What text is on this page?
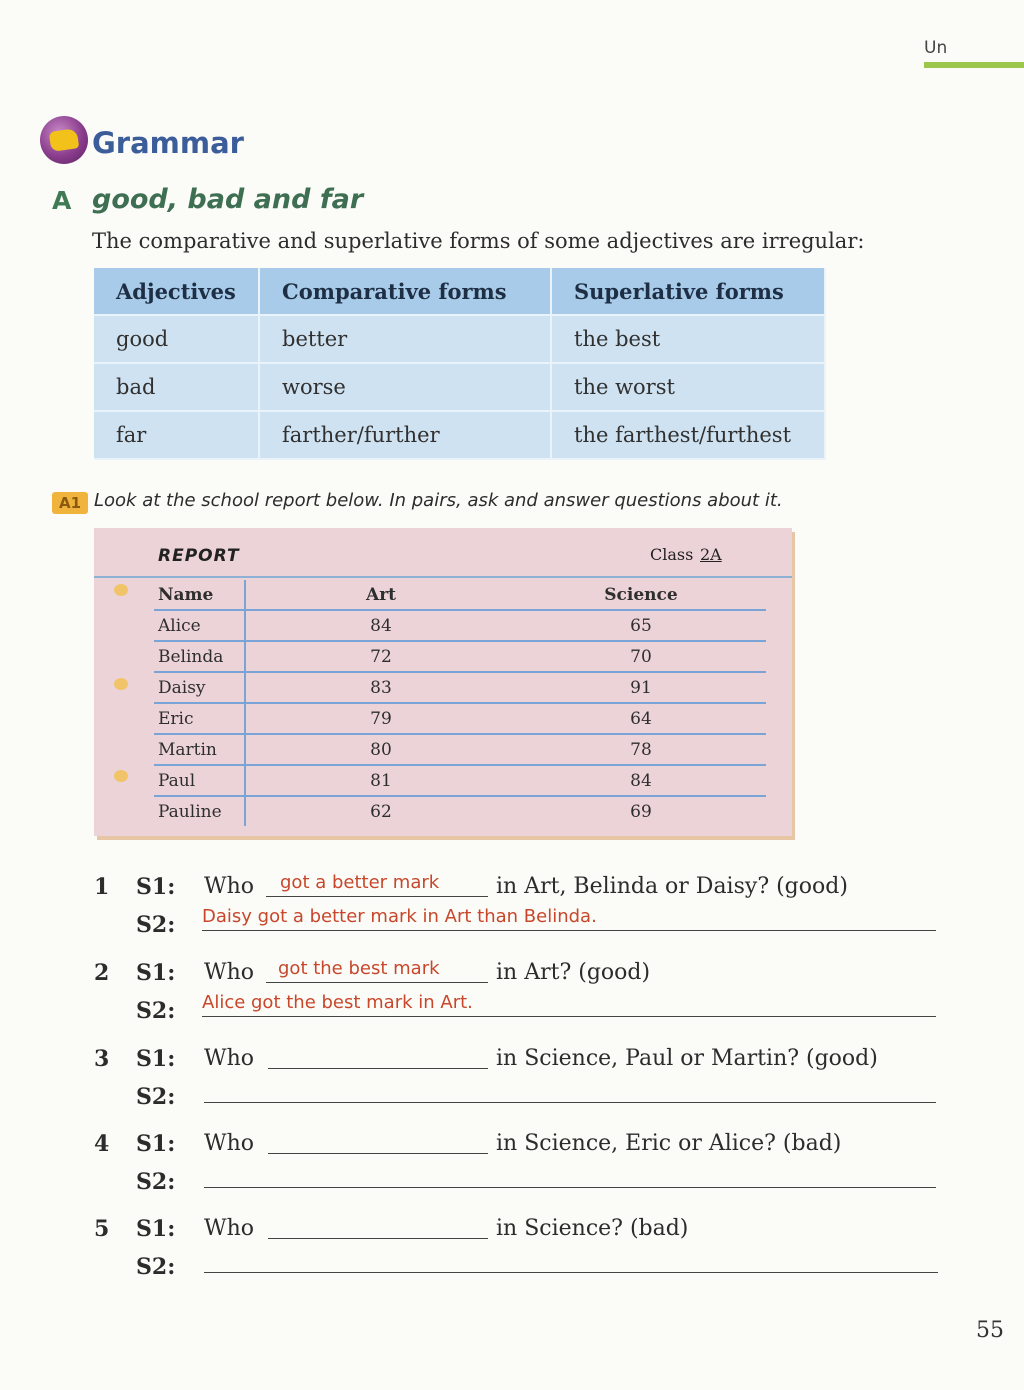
Un
Grammar
A good, bad and far
The comparative and superlative forms of some adjectives are irregular:
Adjectives	Comparative forms	Superlative forms
good	better	the best
bad	worse	the worst
far	farther/further	the farthest/furthest
A1 Look at the school report below. In pairs, ask and answer questions about it.
REPORT	Class 2A
Name	Art	Science
Alice	84	65
Belinda	72	70
Daisy	83	91
Eric	79	64
Martin	80	78
Paul	81	84
Pauline	62	69
1 S1: Who	got a better mark	in Art, Belinda or Daisy? (good)
S2: Daisy got a better mark in Art than Belinda.
2 S1: Who	got the best mark	in Art? (good)
S2: Alice got the best mark in Art.
3 S1: Who	in Science, Paul or Martin? (good)
S2:
4 S1: Who	in Science, Eric or Alice? (bad)
S2:
5 S1: Who	in Science? (bad)
S2:
55
